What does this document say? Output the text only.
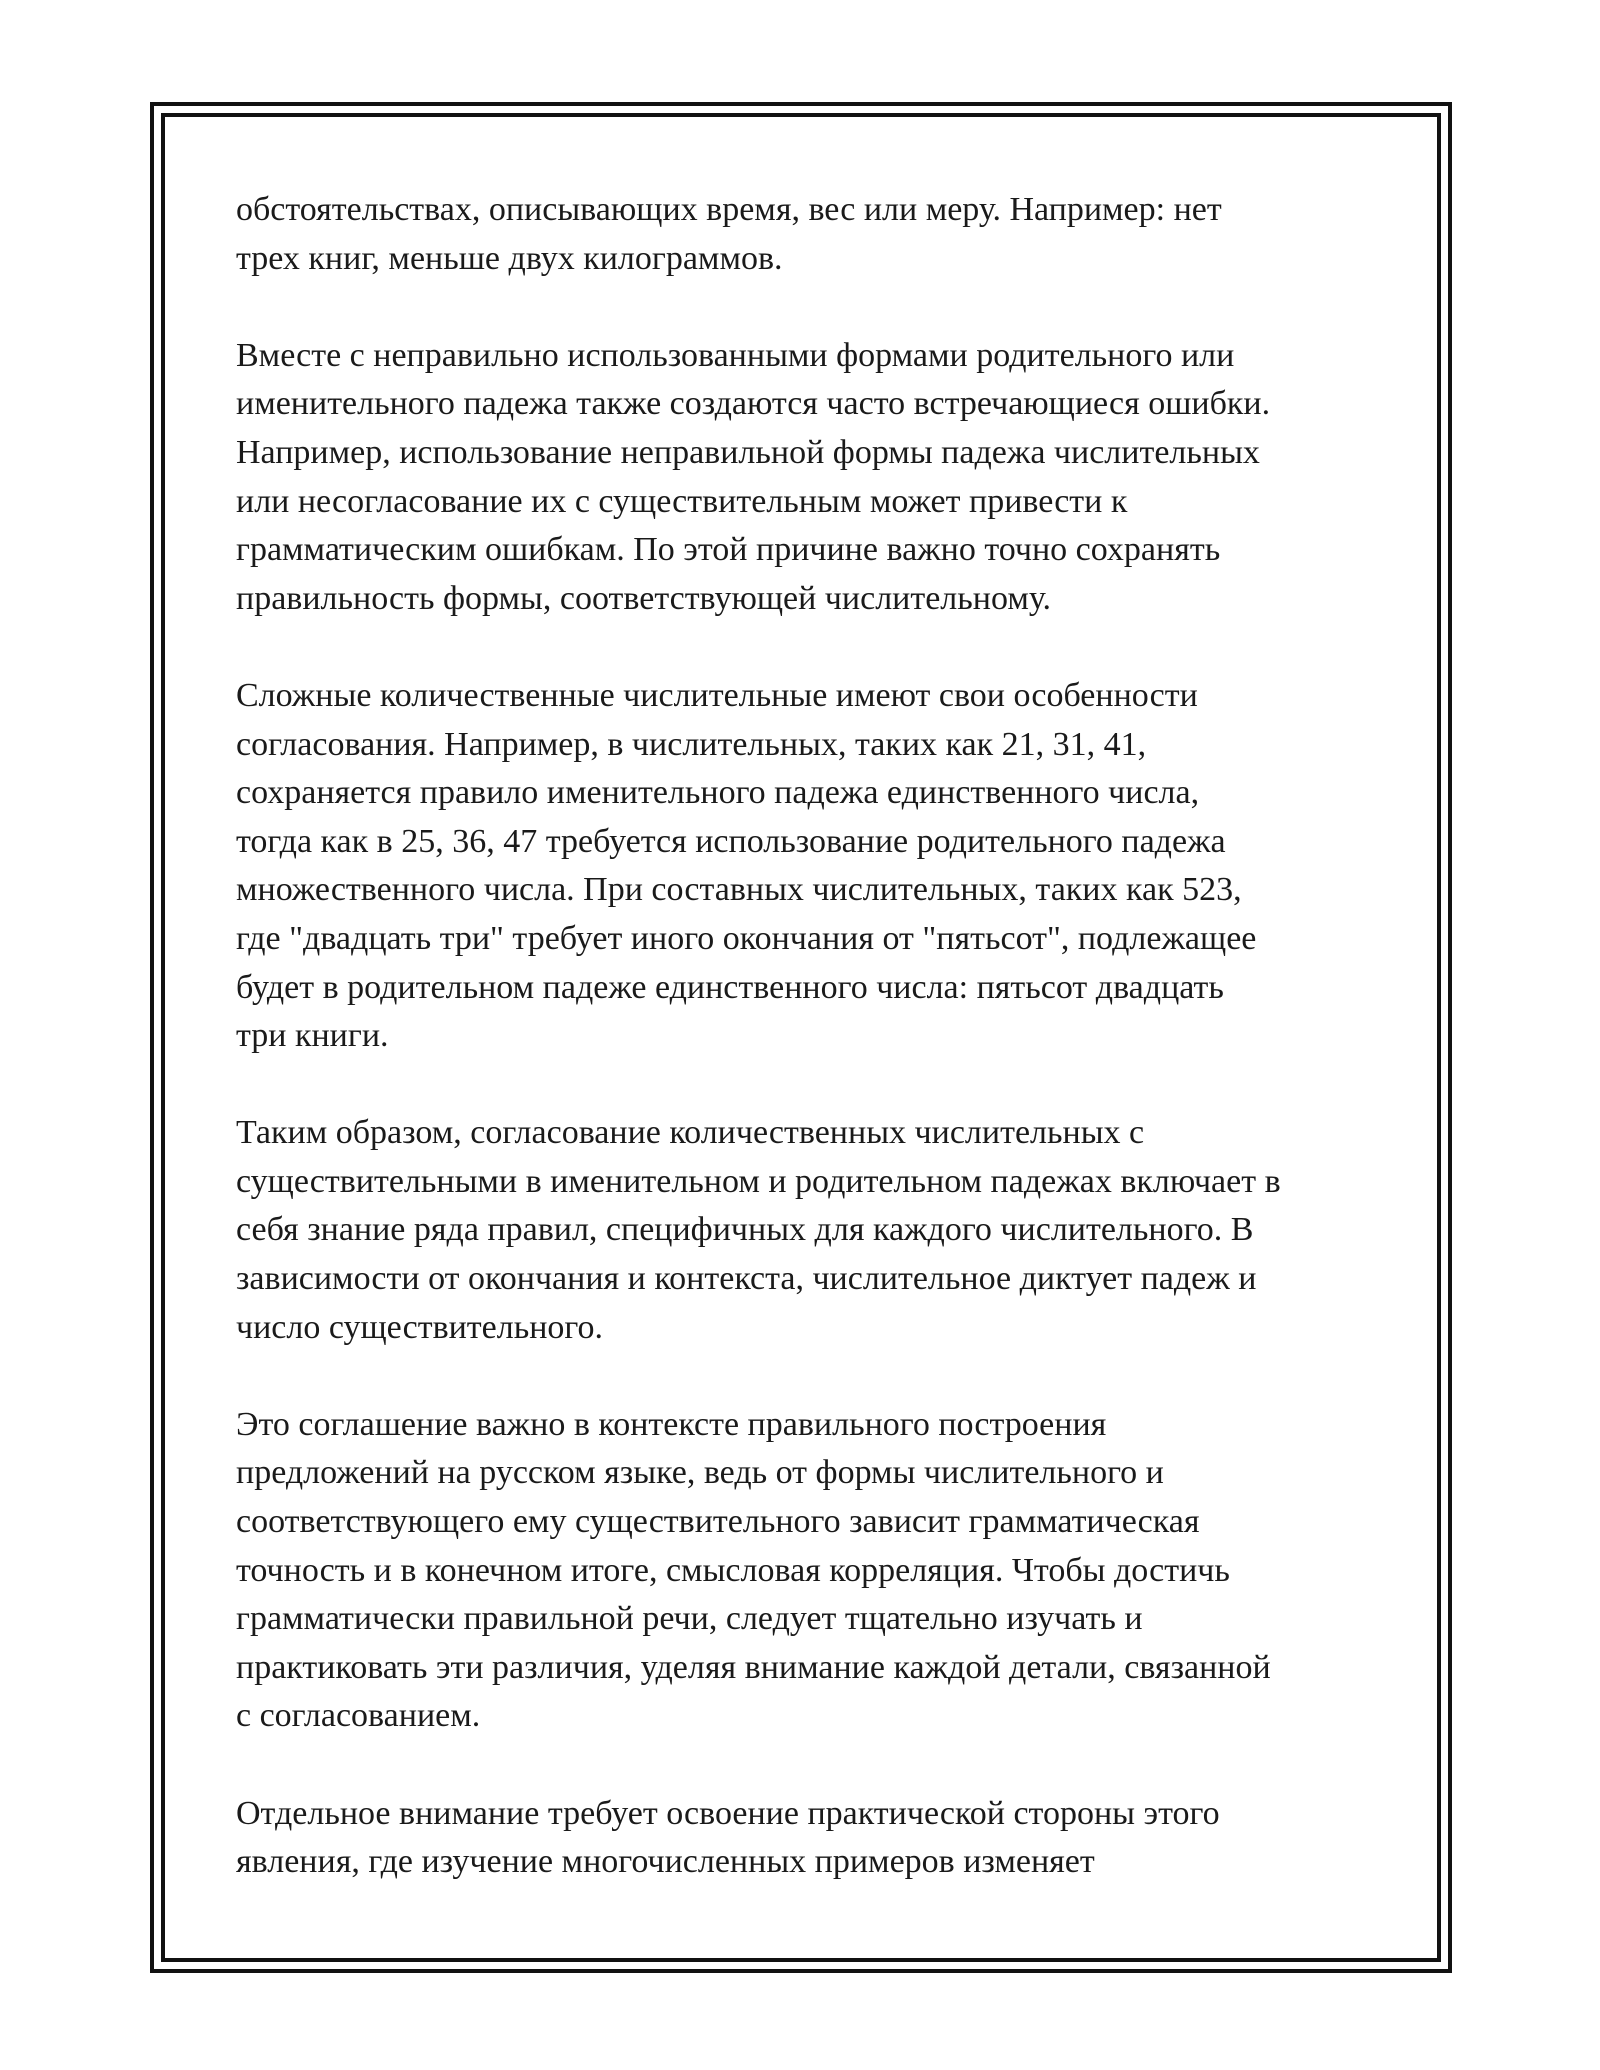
обстоятельствах, описывающих время, вес или меру. Например: нет
трех книг, меньше двух килограммов.

Вместе с неправильно использованными формами родительного или
именительного падежа также создаются часто встречающиеся ошибки.
Например, использование неправильной формы падежа числительных
или несогласование их с существительным может привести к
грамматическим ошибкам. По этой причине важно точно сохранять
правильность формы, соответствующей числительному.

Сложные количественные числительные имеют свои особенности
согласования. Например, в числительных, таких как 21, 31, 41,
сохраняется правило именительного падежа единственного числа,
тогда как в 25, 36, 47 требуется использование родительного падежа
множественного числа. При составных числительных, таких как 523,
где "двадцать три" требует иного окончания от "пятьсот", подлежащее
будет в родительном падеже единственного числа: пятьсот двадцать
три книги.

Таким образом, согласование количественных числительных с
существительными в именительном и родительном падежах включает в
себя знание ряда правил, специфичных для каждого числительного. В
зависимости от окончания и контекста, числительное диктует падеж и
число существительного.

Это соглашение важно в контексте правильного построения
предложений на русском языке, ведь от формы числительного и
соответствующего ему существительного зависит грамматическая
точность и в конечном итоге, смысловая корреляция. Чтобы достичь
грамматически правильной речи, следует тщательно изучать и
практиковать эти различия, уделяя внимание каждой детали, связанной
с согласованием.

Отдельное внимание требует освоение практической стороны этого
явления, где изучение многочисленных примеров изменяет
